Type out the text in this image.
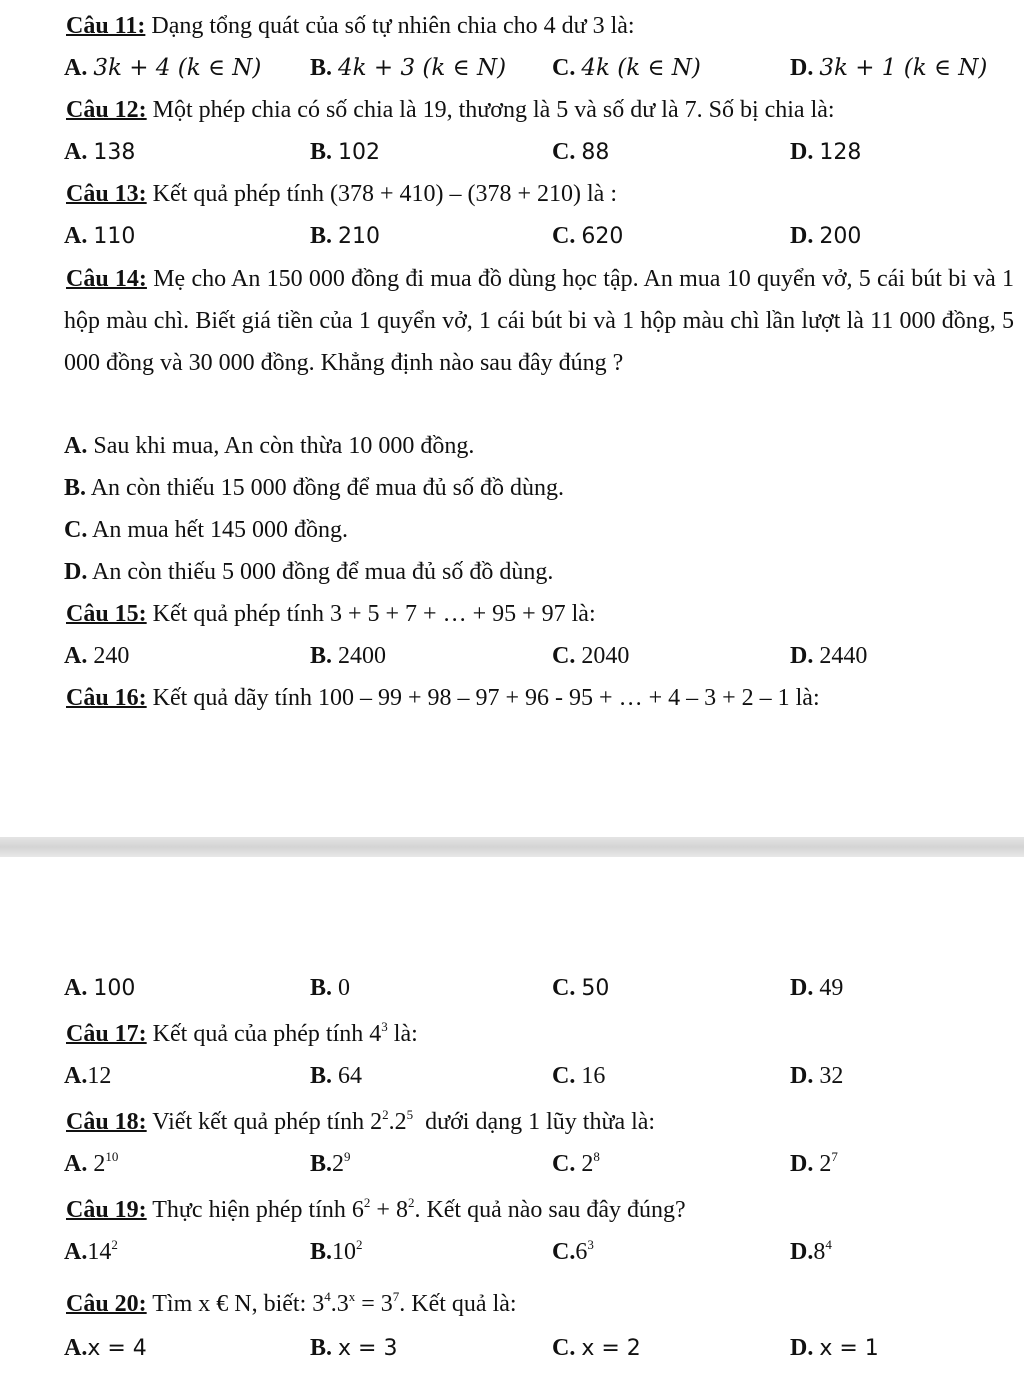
Câu 11: Dạng tổng quát của số tự nhiên chia cho 4 dư 3 là:
A. 3k + 4 (k ∈ N) B. 4k + 3 (k ∈ N) C. 4k (k ∈ N)	D. 3k + 1 (k ∈ N)
Câu 12: Một phép chia có số chia là 19, thương là 5 và số dư là 7. Số bị chia là:
A. 138	B. 102	C. 88	D. 128
Câu 13: Kết quả phép tính (378 + 410) – (378 + 210) là :
A. 110	B. 210	C. 620	D. 200
Câu 14: Mẹ cho An 150 000 đồng đi mua đồ dùng học tập. An mua 10 quyển vở, 5 cái bút bi và 1 hộp màu chì. Biết giá tiền của 1 quyển vở, 1 cái bút bi và 1 hộp màu chì lần lượt là 11 000 đồng, 5 000 đồng và 30 000 đồng. Khẳng định nào sau đây đúng ?
A. Sau khi mua, An còn thừa 10 000 đồng.
B. An còn thiếu 15 000 đồng để mua đủ số đồ dùng.
C. An mua hết 145 000 đồng.
D. An còn thiếu 5 000 đồng để mua đủ số đồ dùng.
Câu 15: Kết quả phép tính 3 + 5 + 7 + … + 95 + 97 là:
A. 240	B. 2400	C. 2040	D. 2440
Câu 16: Kết quả dãy tính 100 – 99 + 98 – 97 + 96 - 95 + … + 4 – 3 + 2 – 1 là:
A. 100	B. 0	C. 50	D. 49
Câu 17: Kết quả của phép tính $4^3$ là:
A.12	B. 64	C. 16	D. 32
Câu 18: Viết kết quả phép tính $2^2.2^5$ dưới dạng 1 lũy thừa là:
A. $2^{10}$	$B.2^9$	C. $2^8$	D. $2^7$
Câu 19: Thực hiện phép tính $6^2 + 8^2$. Kết quả nào sau đây đúng?
$A.14^2$	$B.10^2$	$C.6^3$	$D.8^4$
Câu 20: Tìm x € N, biết: $3^4.3^x = 3^7$. Kết quả là:
A.x = 4	B. x = 3	C. x = 2	D. x = 1
